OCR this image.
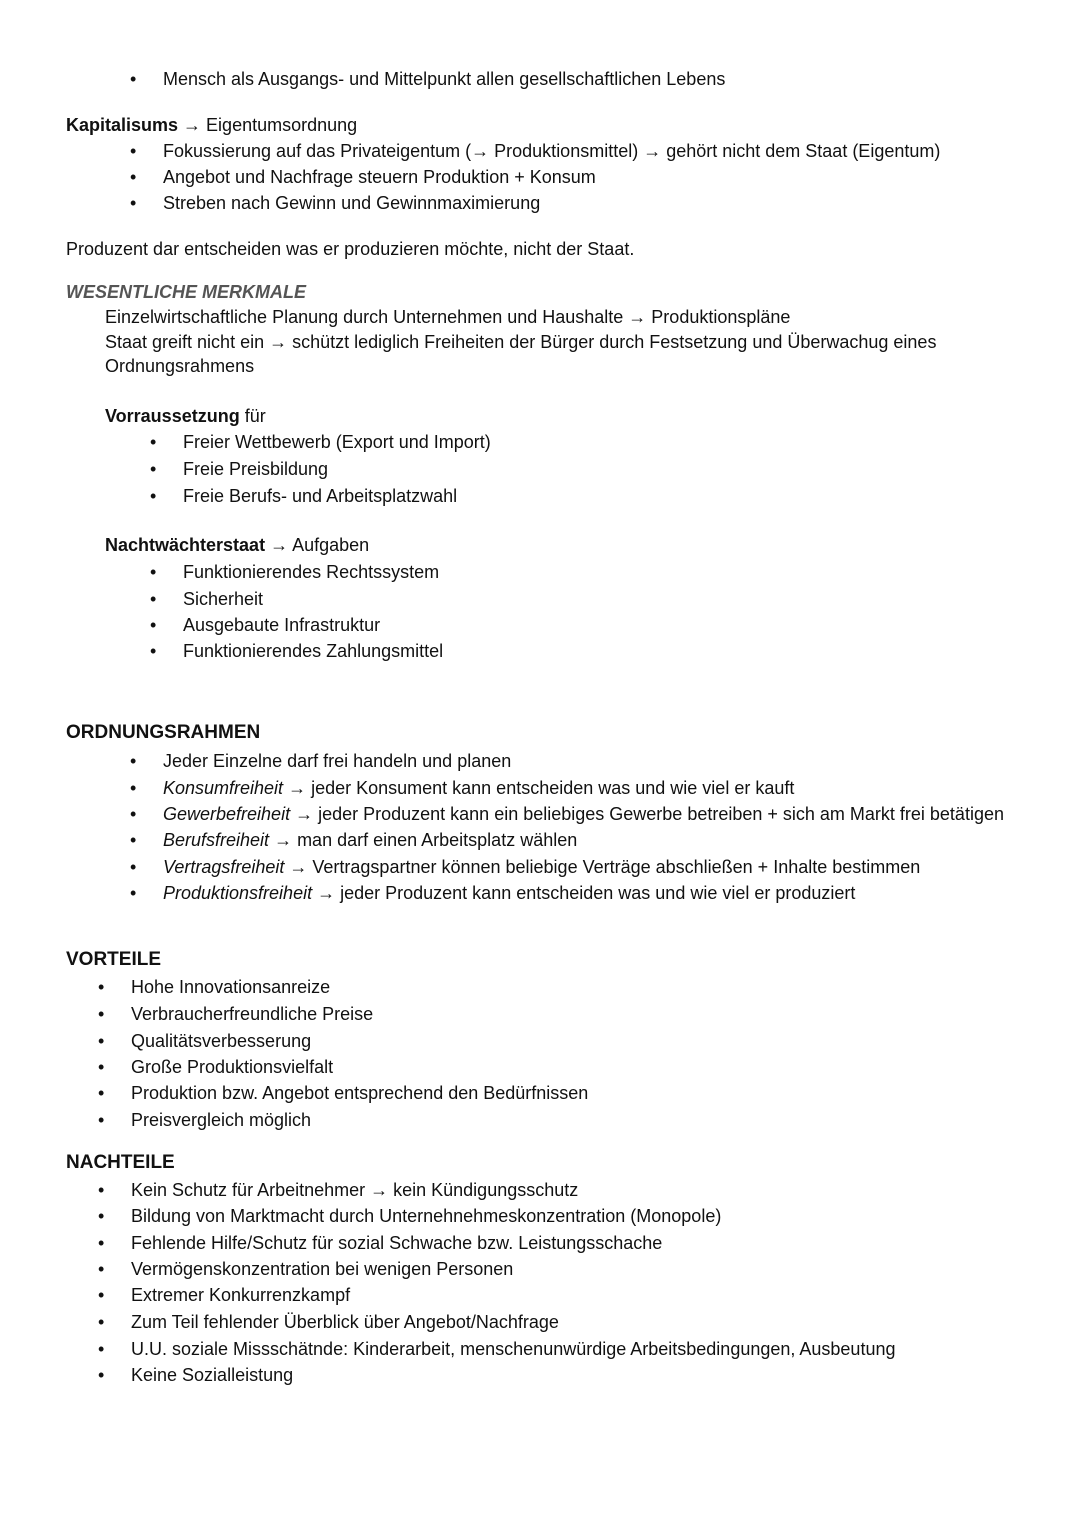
•
Mensch als Ausgangs- und Mittelpunkt allen gesellschaftlichen Lebens
Kapitalisums → Eigentumsordnung
•
Fokussierung auf das Privateigentum (→ Produktionsmittel) → gehört nicht dem Staat (Eigentum)
•
Angebot und Nachfrage steuern Produktion + Konsum
•
Streben nach Gewinn und Gewinnmaximierung
Produzent dar entscheiden was er produzieren möchte, nicht der Staat.
WESENTLICHE MERKMALE
Einzelwirtschaftliche Planung durch Unternehmen und Haushalte → Produktionspläne
Staat greift nicht ein → schützt lediglich Freiheiten der Bürger durch Festsetzung und Überwachug eines
Ordnungsrahmens
Vorraussetzung für
•
Freier Wettbewerb (Export und Import)
•
Freie Preisbildung
•
Freie Berufs- und Arbeitsplatzwahl
Nachtwächterstaat → Aufgaben
•
Funktionierendes Rechtssystem
•
Sicherheit
•
Ausgebaute Infrastruktur
•
Funktionierendes Zahlungsmittel
ORDNUNGSRAHMEN
•
Jeder Einzelne darf frei handeln und planen
•
Konsumfreiheit → jeder Konsument kann entscheiden was und wie viel er kauft
•
Gewerbefreiheit → jeder Produzent kann ein beliebiges Gewerbe betreiben + sich am Markt frei betätigen
•
Berufsfreiheit → man darf einen Arbeitsplatz wählen
•
Vertragsfreiheit → Vertragspartner können beliebige Verträge abschließen + Inhalte bestimmen
•
Produktionsfreiheit → jeder Produzent kann entscheiden was und wie viel er produziert
VORTEILE
•
Hohe Innovationsanreize
•
Verbraucherfreundliche Preise
•
Qualitätsverbesserung
•
Große Produktionsvielfalt
•
Produktion bzw. Angebot entsprechend den Bedürfnissen
•
Preisvergleich möglich
NACHTEILE
•
Kein Schutz für Arbeitnehmer → kein Kündigungsschutz
•
Bildung von Marktmacht durch Unternehnehmeskonzentration (Monopole)
•
Fehlende Hilfe/Schutz für sozial Schwache bzw. Leistungsschache
•
Vermögenskonzentration bei wenigen Personen
•
Extremer Konkurrenzkampf
•
Zum Teil fehlender Überblick über Angebot/Nachfrage
•
U.U. soziale Missschätnde: Kinderarbeit, menschenunwürdige Arbeitsbedingungen, Ausbeutung
•
Keine Sozialleistung
